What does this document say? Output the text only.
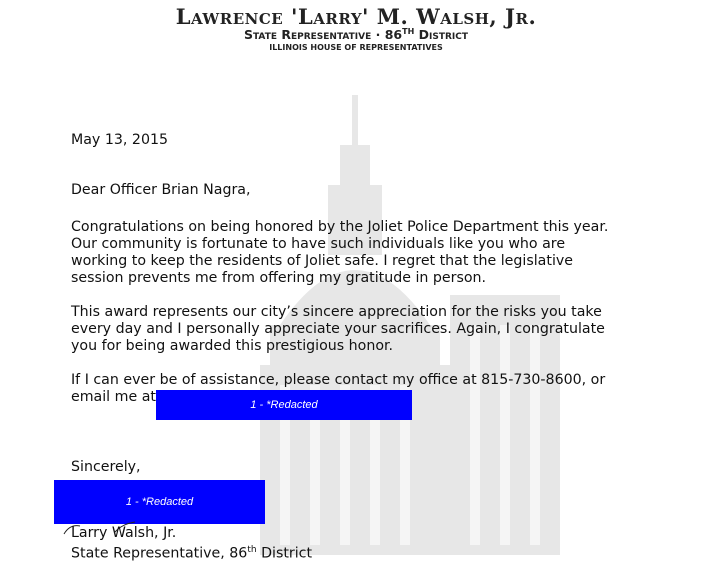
Lawrence 'Larry' M. Walsh, Jr.
State Representative · 86TH District
ILLINOIS HOUSE OF REPRESENTATIVES
May 13, 2015
Dear Officer Brian Nagra,
Congratulations on being honored by the Joliet Police Department this year.
Our community is fortunate to have such individuals like you who are
working to keep the residents of Joliet safe. I regret that the legislative
session prevents me from offering my gratitude in person.
This award represents our city’s sincere appreciation for the risks you take
every day and I personally appreciate your sacrifices. Again, I congratulate
you for being awarded this prestigious honor.
If I can ever be of assistance, please contact my office at 815-730-8600, or
email me at	1 - *Redacted
Sincerely,
1 - *Redacted
Larry Walsh, Jr.
State Representative, 86th District
